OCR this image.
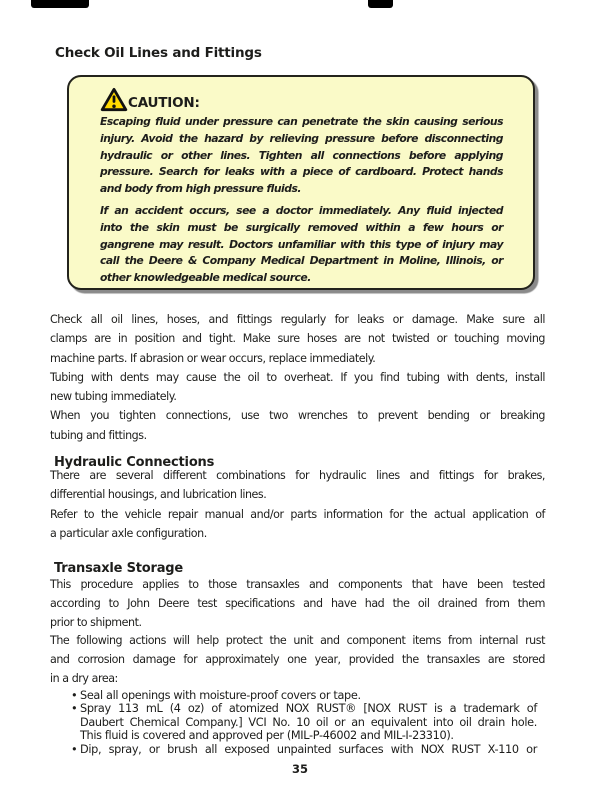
Check Oil Lines and Fittings
CAUTION:
Escaping fluid under pressure can penetrate the skin causing serious
injury. Avoid the hazard by relieving pressure before disconnecting
hydraulic or other lines. Tighten all connections before applying
pressure. Search for leaks with a piece of cardboard. Protect hands
and body from high pressure fluids.
If an accident occurs, see a doctor immediately. Any fluid injected
into the skin must be surgically removed within a few hours or
gangrene may result. Doctors unfamiliar with this type of injury may
call the Deere & Company Medical Department in Moline, Illinois, or
other knowledgeable medical source.
Check all oil lines, hoses, and fittings regularly for leaks or damage. Make sure all
clamps are in position and tight. Make sure hoses are not twisted or touching moving
machine parts. If abrasion or wear occurs, replace immediately.
Tubing with dents may cause the oil to overheat. If you find tubing with dents, install
new tubing immediately.
When you tighten connections, use two wrenches to prevent bending or breaking
tubing and fittings.
Hydraulic Connections
There are several different combinations for hydraulic lines and fittings for brakes,
differential housings, and lubrication lines.
Refer to the vehicle repair manual and/or parts information for the actual application of
a particular axle configuration.
Transaxle Storage
This procedure applies to those transaxles and components that have been tested
according to John Deere test specifications and have had the oil drained from them
prior to shipment.
The following actions will help protect the unit and component items from internal rust
and corrosion damage for approximately one year, provided the transaxles are stored
in a dry area:
• Seal all openings with moisture-proof covers or tape.
• Spray 113 mL (4 oz) of atomized NOX RUST® [NOX RUST is a trademark of
Daubert Chemical Company.] VCI No. 10 oil or an equivalent into oil drain hole.
This fluid is covered and approved per (MIL-P-46002 and MIL-I-23310).
• Dip, spray, or brush all exposed unpainted surfaces with NOX RUST X-110 or
35
